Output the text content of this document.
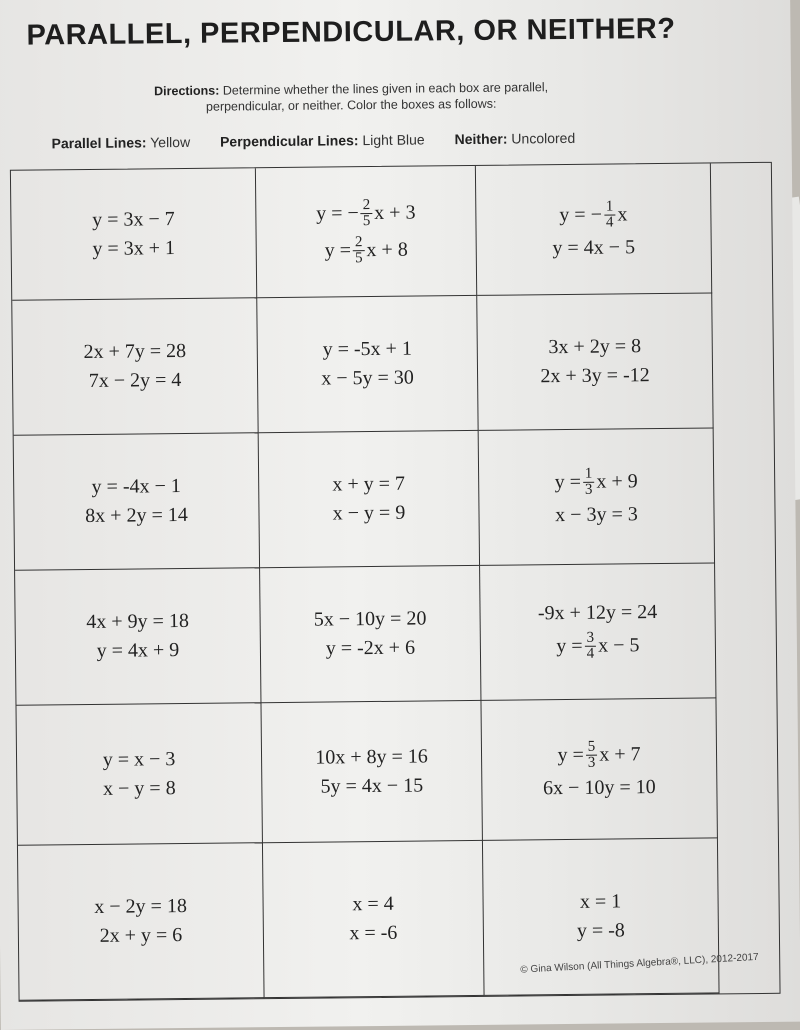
PARALLEL, PERPENDICULAR, OR NEITHER?
Directions: Determine whether the lines given in each box are parallel,
perpendicular, or neither. Color the boxes as follows:
Parallel Lines: Yellow Perpendicular Lines: Light Blue Neither: Uncolored
y = 3x − 7
y = 3x + 1
y = − $\frac{2}{5}$ x + 3
$y = \frac{2}{5}$ x + 8
y = − $\frac{1}{4}$ x
y = 4x − 5
2x + 7y = 28
7x − 2y = 4
y = -5x + 1
x − 5y = 30
3x + 2y = 8
2x + 3y = -12
y = -4x − 1
8x + 2y = 14
x + y = 7
x − y = 9
$y = \frac{1}{3}$ x + 9
x − 3y = 3
4x + 9y = 18
y = 4x + 9
5x − 10y = 20
y = -2x + 6
-9x + 12y = 24
$y = \frac{3}{4}$ x − 5
y = x − 3
x − y = 8
10x + 8y = 16
5y = 4x − 15
$y = \frac{5}{3}$ x + 7
6x − 10y = 10
x − 2y = 18
2x + y = 6
x = 4
x = -6
x = 1
y = -8
© Gina Wilson (All Things Algebra®, LLC), 2012-2017
